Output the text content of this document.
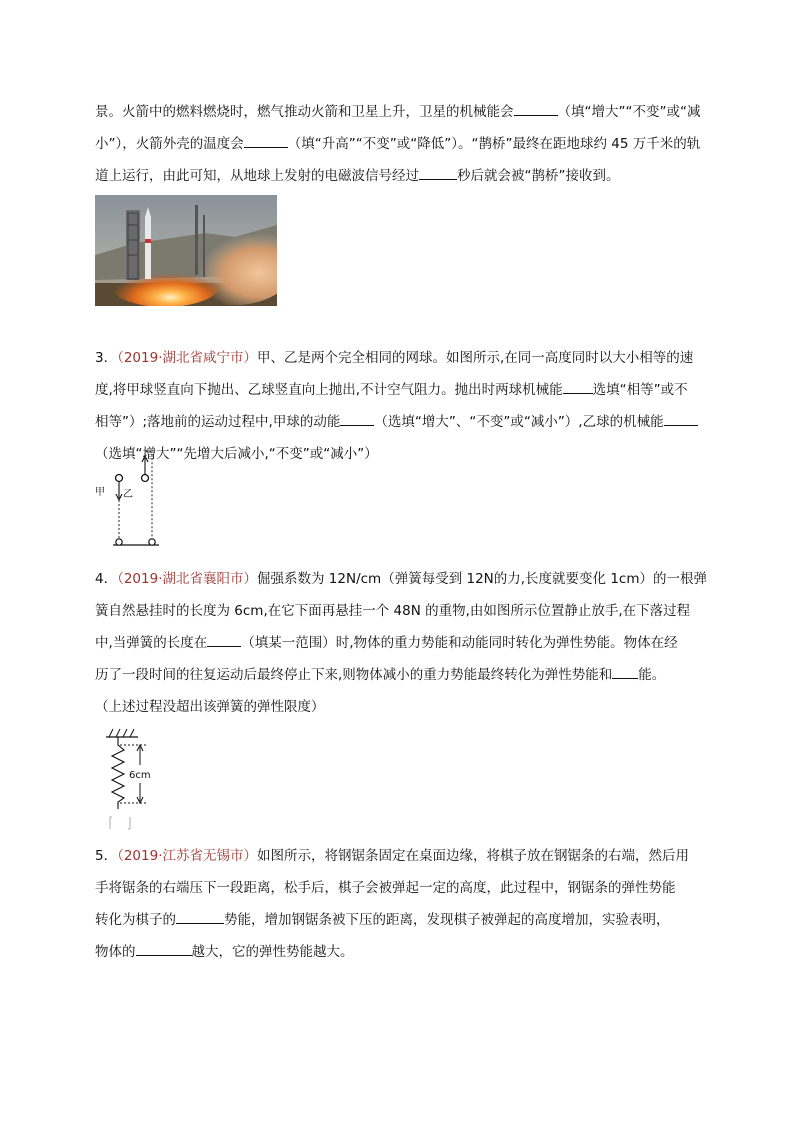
景。火箭中的燃料燃烧时，燃气推动火箭和卫星上升，卫星的机械能会	（填“增大”“不变”或“减
小”），火箭外壳的温度会	（填“升高”“不变”或“降低”）。“鹊桥”最终在距地球约 45 万千米的轨
道上运行，由此可知，从地球上发射的电磁波信号经过	秒后就会被“鹊桥”接收到。
3．（2019·湖北省咸宁市）甲、乙是两个完全相同的网球。如图所示,在同一高度同时以大小相等的速
度,将甲球竖直向下抛出、乙球竖直向上抛出,不计空气阻力。抛出时两球机械能 选填“相等”或不
相等”）;落地前的运动过程中,甲球的动能	（选填“增大”、“不变”或“减小”）,乙球的机械能
（选填“增大”“先增大后减小,“不变”或“减小”）
甲 乙
4．（2019·湖北省襄阳市）倔强系数为 12N/cm（弹簧每受到 12N的力,长度就要变化 1cm）的一根弹
簧自然悬挂时的长度为 6cm,在它下面再悬挂一个 48N 的重物,由如图所示位置静止放手,在下落过程
中,当弹簧的长度在	（填某一范围）时,物体的重力势能和动能同时转化为弹性势能。物体在经
历了一段时间的往复运动后最终停止下来,则物体减小的重力势能最终转化为弹性势能和 能。
（上述过程没超出该弹簧的弹性限度）
6cm
5．（2019·江苏省无锡市）如图所示，将钢锯条固定在桌面边缘，将棋子放在钢锯条的右端，然后用
手将锯条的右端压下一段距离，松手后，棋子会被弹起一定的高度，此过程中，钢锯条的弹性势能
转化为棋子的	势能，增加钢锯条被下压的距离，发现棋子被弹起的高度增加，实验表明，
物体的	越大，它的弹性势能越大。
